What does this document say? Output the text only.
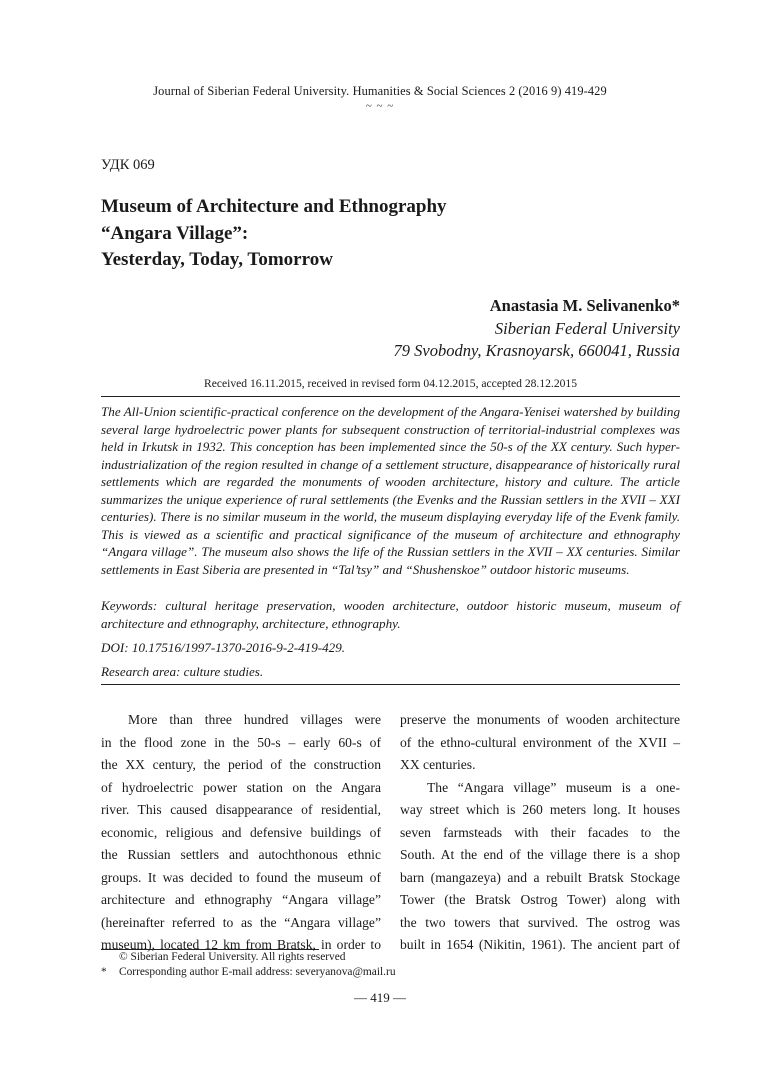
Journal of Siberian Federal University. Humanities & Social Sciences 2 (2016 9) 419-429
~ ~ ~
УДК 069
Museum of Architecture and Ethnography
“Angara Village”:
Yesterday, Today, Tomorrow
Anastasia M. Selivanenko*
Siberian Federal University
79 Svobodny, Krasnoyarsk, 660041, Russia
Received 16.11.2015, received in revised form 04.12.2015, accepted 28.12.2015
The All-Union scientific-practical conference on the development of the Angara-Yenisei watershed by building several large hydroelectric power plants for subsequent construction of territorial-industrial complexes was held in Irkutsk in 1932. This conception has been implemented since the 50-s of the XX century. Such hyper-industrialization of the region resulted in change of a settlement structure, disappearance of historically rural settlements which are regarded the monuments of wooden architecture, history and culture. The article summarizes the unique experience of rural settlements (the Evenks and the Russian settlers in the XVII – XXI centuries). There is no similar museum in the world, the museum displaying everyday life of the Evenk family. This is viewed as a scientific and practical significance of the museum of architecture and ethnography “Angara village”. The museum also shows the life of the Russian settlers in the XVII – XX centuries. Similar settlements in East Siberia are presented in “Tal’tsy” and “Shushenskoe” outdoor historic museums.
Keywords: cultural heritage preservation, wooden architecture, outdoor historic museum, museum of architecture and ethnography, architecture, ethnography.
DOI: 10.17516/1997-1370-2016-9-2-419-429.
Research area: culture studies.
More than three hundred villages were
in the flood zone in the 50-s – early 60-s of
the XX century, the period of the construction
of hydroelectric power station on the Angara
river. This caused disappearance of residential,
economic, religious and defensive buildings of
the Russian settlers and autochthonous ethnic
groups. It was decided to found the museum of
architecture and ethnography “Angara village”
(hereinafter referred to as the “Angara village”
museum), located 12 km from Bratsk, in order to
preserve the monuments of wooden architecture
of the ethno-cultural environment of the XVII –
XX centuries.
The “Angara village” museum is a one-
way street which is 260 meters long. It houses
seven farmsteads with their facades to the
South. At the end of the village there is a shop
barn (mangazeya) and a rebuilt Bratsk Stockage
Tower (the Bratsk Ostrog Tower) along with
the two towers that survived. The ostrog was
built in 1654 (Nikitin, 1961). The ancient part of
© Siberian Federal University. All rights reserved
* Corresponding author E-mail address: severyanova@mail.ru
— 419 —
